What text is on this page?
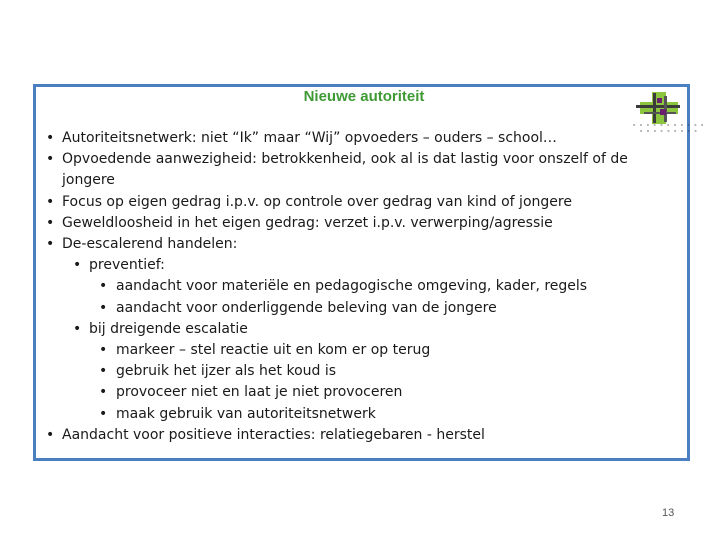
Nieuwe autoriteit
x x x x x x x x x x x
x x x x x x x x x
• Autoriteitsnetwerk: niet “Ik” maar “Wij” opvoeders – ouders – school…
• Opvoedende aanwezigheid: betrokkenheid, ook al is dat lastig voor onszelf of de jongere
• Focus op eigen gedrag i.p.v. op controle over gedrag van kind of jongere
• Geweldloosheid in het eigen gedrag: verzet i.p.v. verwerping/agressie
• De-escalerend handelen:
• preventief:
• aandacht voor materiële en pedagogische omgeving, kader, regels
• aandacht voor onderliggende beleving van de jongere
• bij dreigende escalatie
• markeer – stel reactie uit en kom er op terug
• gebruik het ijzer als het koud is
• provoceer niet en laat je niet provoceren
• maak gebruik van autoriteitsnetwerk
• Aandacht voor positieve interacties: relatiegebaren - herstel
13
